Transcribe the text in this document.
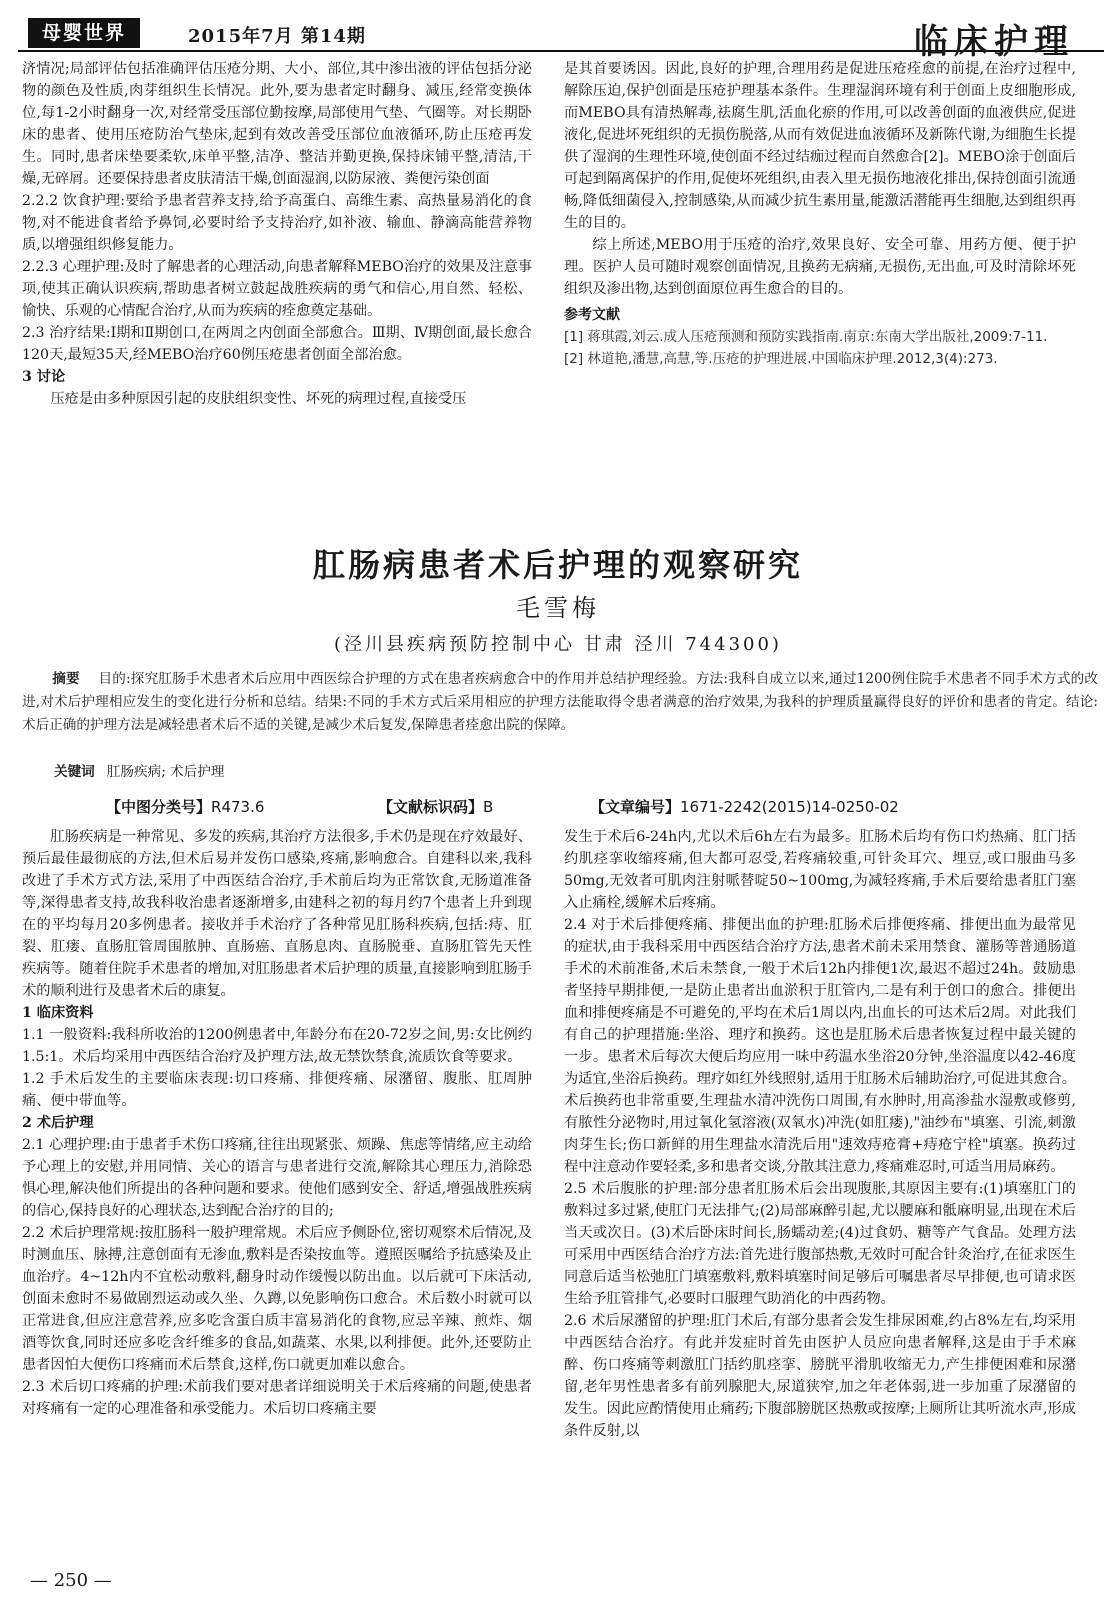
母婴世界	2015年7月 第14期	临床护理

济情况;局部评估包括准确评估压疮分期、大小、部位,其中渗出液的评估包括分泌物的颜色及性质,肉芽组织生长情况。此外,要为患者定时翻身、减压,经常变换体位,每1-2小时翻身一次,对经常受压部位勤按摩,局部使用气垫、气圈等。对长期卧床的患者、使用压疮防治气垫床,起到有效改善受压部位血液循环,防止压疮再发生。同时,患者床垫要柔软,床单平整,洁净、整洁并勤更换,保持床铺平整,清洁,干燥,无碎屑。还要保持患者皮肤清洁干燥,创面湿润,以防尿液、粪便污染创面

2.2.2 饮食护理:要给予患者营养支持,给予高蛋白、高维生素、高热量易消化的食物,对不能进食者给予鼻饲,必要时给予支持治疗,如补液、输血、静滴高能营养物质,以增强组织修复能力。

2.2.3 心理护理:及时了解患者的心理活动,向患者解释MEBO治疗的效果及注意事项,使其正确认识疾病,帮助患者树立鼓起战胜疾病的勇气和信心,用自然、轻松、愉快、乐观的心情配合治疗,从而为疾病的痊愈奠定基础。

2.3 治疗结果:Ⅰ期和Ⅱ期创口,在两周之内创面全部愈合。Ⅲ期、Ⅳ期创面,最长愈合120天,最短35天,经MEBO治疗60例压疮患者创面全部治愈。

3 讨论

压疮是由多种原因引起的皮肤组织变性、坏死的病理过程,直接受压

是其首要诱因。因此,良好的护理,合理用药是促进压疮痊愈的前提,在治疗过程中,解除压迫,保护创面是压疮护理基本条件。生理湿润环境有利于创面上皮细胞形成,而MEBO具有清热解毒,祛腐生肌,活血化瘀的作用,可以改善创面的血液供应,促进液化,促进坏死组织的无损伤脱落,从而有效促进血液循环及新陈代谢,为细胞生长提供了湿润的生理性环境,使创面不经过结痂过程而自然愈合[2]。MEBO涂于创面后可起到隔离保护的作用,促使坏死组织,由表入里无损伤地液化排出,保持创面引流通畅,降低细菌侵入,控制感染,从而减少抗生素用量,能激活潜能再生细胞,达到组织再生的目的。

综上所述,MEBO用于压疮的治疗,效果良好、安全可靠、用药方便、便于护理。医护人员可随时观察创面情况,且换药无病痛,无损伤,无出血,可及时清除坏死组织及渗出物,达到创面原位再生愈合的目的。

参考文献

[1] 蒋琪霞,刘云.成人压疮预测和预防实践指南.南京:东南大学出版社,2009:7-11.

[2] 林道艳,潘慧,高慧,等.压疮的护理进展.中国临床护理.2012,3(4):273.

肛肠病患者术后护理的观察研究
毛雪梅
(泾川县疾病预防控制中心 甘肃 泾川 744300)
摘要 目的:探究肛肠手术患者术后应用中西医综合护理的方式在患者疾病愈合中的作用并总结护理经验。方法:我科自成立以来,通过1200例住院手术患者不同手术方式的改进,对术后护理相应发生的变化进行分析和总结。结果:不同的手术方式后采用相应的护理方法能取得令患者满意的治疗效果,为我科的护理质量赢得良好的评价和患者的肯定。结论:术后正确的护理方法是减轻患者术后不适的关键,是减少术后复发,保障患者痊愈出院的保障。
关键词 肛肠疾病; 术后护理
【中图分类号】R473.6	【文献标识码】B	【文章编号】1671-2242(2015)14-0250-02

肛肠疾病是一种常见、多发的疾病,其治疗方法很多,手术仍是现在疗效最好、预后最佳最彻底的方法,但术后易并发伤口感染,疼痛,影响愈合。自建科以来,我科改进了手术方式方法,采用了中西医结合治疗,手术前后均为正常饮食,无肠道准备等,深得患者支持,故我科收治患者逐渐增多,由建科之初的每月约7个患者上升到现在的平均每月20多例患者。接收并手术治疗了各种常见肛肠科疾病,包括:痔、肛裂、肛瘘、直肠肛管周围脓肿、直肠癌、直肠息肉、直肠脱垂、直肠肛管先天性疾病等。随着住院手术患者的增加,对肛肠患者术后护理的质量,直接影响到肛肠手术的顺利进行及患者术后的康复。

1 临床资料

1.1 一般资料:我科所收治的1200例患者中,年龄分布在20-72岁之间,男:女比例约1.5:1。术后均采用中西医结合治疗及护理方法,故无禁饮禁食,流质饮食等要求。

1.2 手术后发生的主要临床表现:切口疼痛、排便疼痛、尿潴留、腹胀、肛周肿痛、便中带血等。

2 术后护理

2.1 心理护理:由于患者手术伤口疼痛,往往出现紧张、烦躁、焦虑等情绪,应主动给予心理上的安慰,并用同情、关心的语言与患者进行交流,解除其心理压力,消除恐惧心理,解决他们所提出的各种问题和要求。使他们感到安全、舒适,增强战胜疾病的信心,保持良好的心理状态,达到配合治疗的目的;

2.2 术后护理常规:按肛肠科一般护理常规。术后应予侧卧位,密切观察术后情况,及时测血压、脉搏,注意创面有无渗血,敷料是否染按血等。遵照医嘱给予抗感染及止血治疗。4~12h内不宜松动敷料,翻身时动作缓慢以防出血。以后就可下床活动,创面未愈时不易做剧烈运动或久坐、久蹲,以免影响伤口愈合。术后数小时就可以正常进食,但应注意营养,应多吃含蛋白质丰富易消化的食物,应忌辛辣、煎炸、烟酒等饮食,同时还应多吃含纤维多的食品,如蔬菜、水果,以利排便。此外,还要防止患者因怕大便伤口疼痛而术后禁食,这样,伤口就更加难以愈合。

2.3 术后切口疼痛的护理:术前我们要对患者详细说明关于术后疼痛的问题,使患者对疼痛有一定的心理准备和承受能力。术后切口疼痛主要

发生于术后6-24h内,尤以术后6h左右为最多。肛肠术后均有伤口灼热痛、肛门括约肌痉挛收缩疼痛,但大都可忍受,若疼痛较重,可针灸耳穴、埋豆,或口服曲马多50mg,无效者可肌肉注射哌替啶50~100mg,为减轻疼痛,手术后要给患者肛门塞入止痛栓,缓解术后疼痛。

2.4 对于术后排便疼痛、排便出血的护理:肛肠术后排便疼痛、排便出血为最常见的症状,由于我科采用中西医结合治疗方法,患者术前未采用禁食、灌肠等普通肠道手术的术前准备,术后未禁食,一般于术后12h内排便1次,最迟不超过24h。鼓励患者坚持早期排便,一是防止患者出血淤积于肛管内,二是有利于创口的愈合。排便出血和排便疼痛是不可避免的,平均在术后1周以内,出血长的可达术后2周。对此我们有自己的护理措施:坐浴、理疗和换药。这也是肛肠术后患者恢复过程中最关键的一步。患者术后每次大便后均应用一味中药温水坐浴20分钟,坐浴温度以42-46度为适宜,坐浴后换药。理疗如红外线照射,适用于肛肠术后辅助治疗,可促进其愈合。术后换药也非常重要,生理盐水清冲洗伤口周围,有水肿时,用高渗盐水湿敷或修剪,有脓性分泌物时,用过氧化氢溶液(双氧水)冲洗(如肛瘘),"油纱布"填塞、引流,刺激肉芽生长;伤口新鲜的用生理盐水清洗后用"速效痔疮膏+痔疮宁栓"填塞。换药过程中注意动作要轻柔,多和患者交谈,分散其注意力,疼痛难忍时,可适当用局麻药。

2.5 术后腹胀的护理:部分患者肛肠术后会出现腹胀,其原因主要有:(1)填塞肛门的敷料过多过紧,使肛门无法排气;(2)局部麻醉引起,尤以腰麻和骶麻明显,出现在术后当天或次日。(3)术后卧床时间长,肠蠕动差;(4)过食奶、糖等产气食品。处理方法可采用中西医结合治疗方法:首先进行腹部热敷,无效时可配合针灸治疗,在征求医生同意后适当松弛肛门填塞敷料,敷料填塞时间足够后可嘱患者尽早排便,也可请求医生给予肛管排气,必要时口服理气助消化的中西药物。

2.6 术后尿潴留的护理:肛门术后,有部分患者会发生排尿困难,约占8%左右,均采用中西医结合治疗。有此并发症时首先由医护人员应向患者解释,这是由于手术麻醉、伤口疼痛等刺激肛门括约肌痉挛、膀胱平滑肌收缩无力,产生排便困难和尿潴留,老年男性患者多有前列腺肥大,尿道狭窄,加之年老体弱,进一步加重了尿潴留的发生。因此应酌情使用止痛药;下腹部膀胱区热敷或按摩;上厕所让其听流水声,形成条件反射,以

— 250 —
